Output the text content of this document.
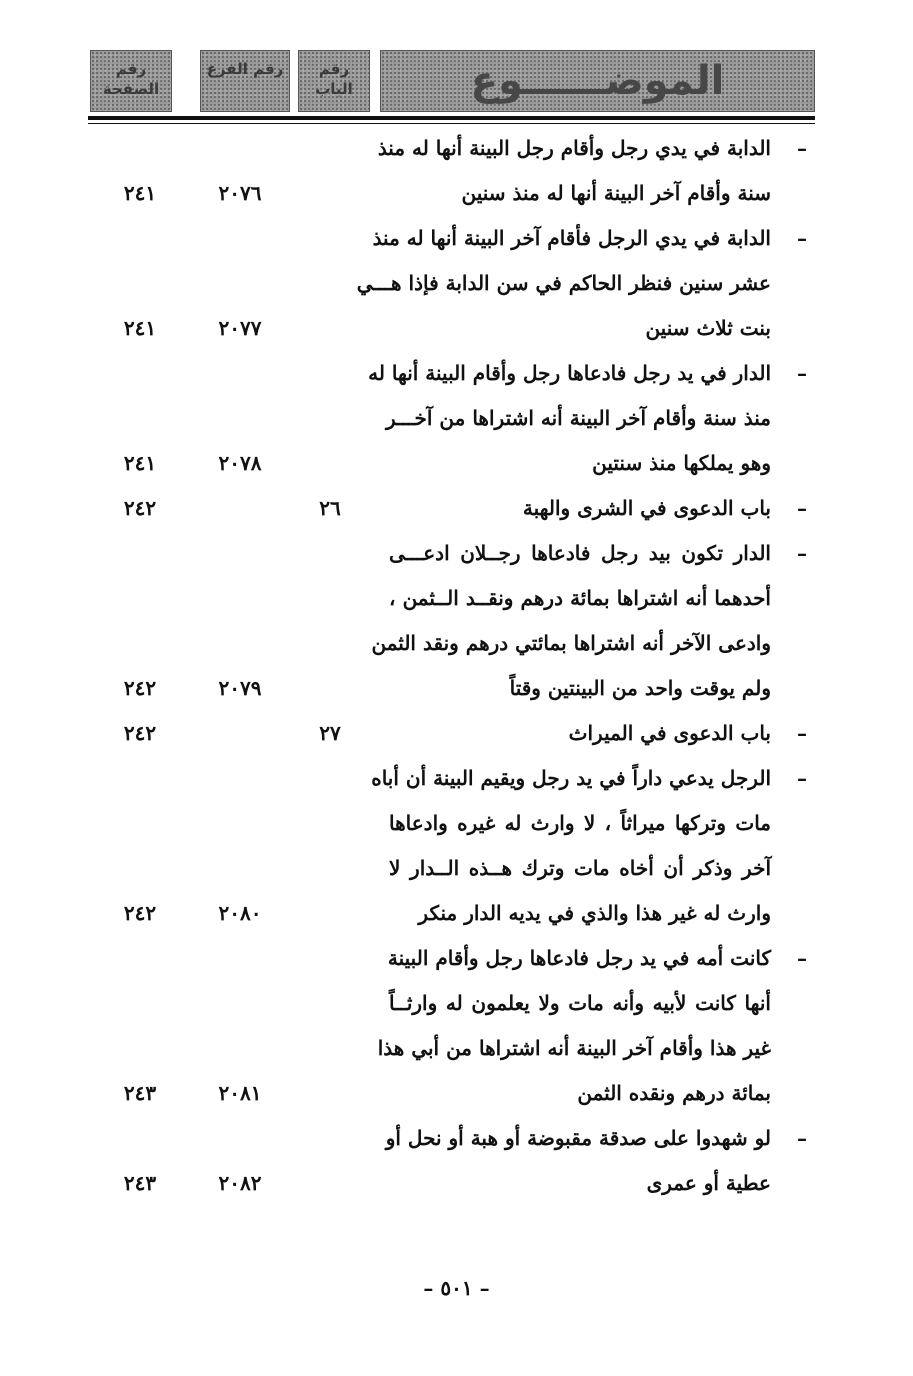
رقم الصفحة
رقم الفرع	رقم الباب	الموضــــــوع
–
الدابة في يدي رجل وأقام رجل البينة أنها له منذ
سنة وأقام آخر البينة أنها له منذ سنين
٢٠٧٦
٢٤١
–
الدابة في يدي الرجل فأقام آخر البينة أنها له منذ
عشر سنين فنظر الحاكم في سن الدابة فإذا هـــي
بنت ثلاث سنين
٢٠٧٧
٢٤١
–
الدار في يد رجل فادعاها رجل وأقام البينة أنها له
منذ سنة وأقام آخر البينة أنه اشتراها من آخـــر
وهو يملكها منذ سنتين
٢٠٧٨
٢٤١
–
باب الدعوى في الشرى والهبة
٢٦
٢٤٢
–
الدار تكون بيد رجل فادعاها رجــلان ادعـــى
أحدهما أنه اشتراها بمائة درهم ونقــد الــثمن ،
وادعى الآخر أنه اشتراها بمائتي درهم ونقد الثمن
ولم يوقت واحد من البينتين وقتاً
٢٠٧٩
٢٤٢
–
باب الدعوى في الميراث
٢٧
٢٤٢
–
الرجل يدعي داراً في يد رجل ويقيم البينة أن أباه
مات وتركها ميراثاً ، لا وارث له غيره وادعاها
آخر وذكر أن أخاه مات وترك هــذه الــدار لا
وارث له غير هذا والذي في يديه الدار منكر
٢٠٨٠
٢٤٢
–
كانت أمه في يد رجل فادعاها رجل وأقام البينة
أنها كانت لأبيه وأنه مات ولا يعلمون له وارثــاً
غير هذا وأقام آخر البينة أنه اشتراها من أبي هذا
بمائة درهم ونقده الثمن
٢٠٨١
٢٤٣
–
لو شهدوا على صدقة مقبوضة أو هبة أو نحل أو
عطية أو عمرى
٢٠٨٢
٢٤٣
– ٥٠١ –
